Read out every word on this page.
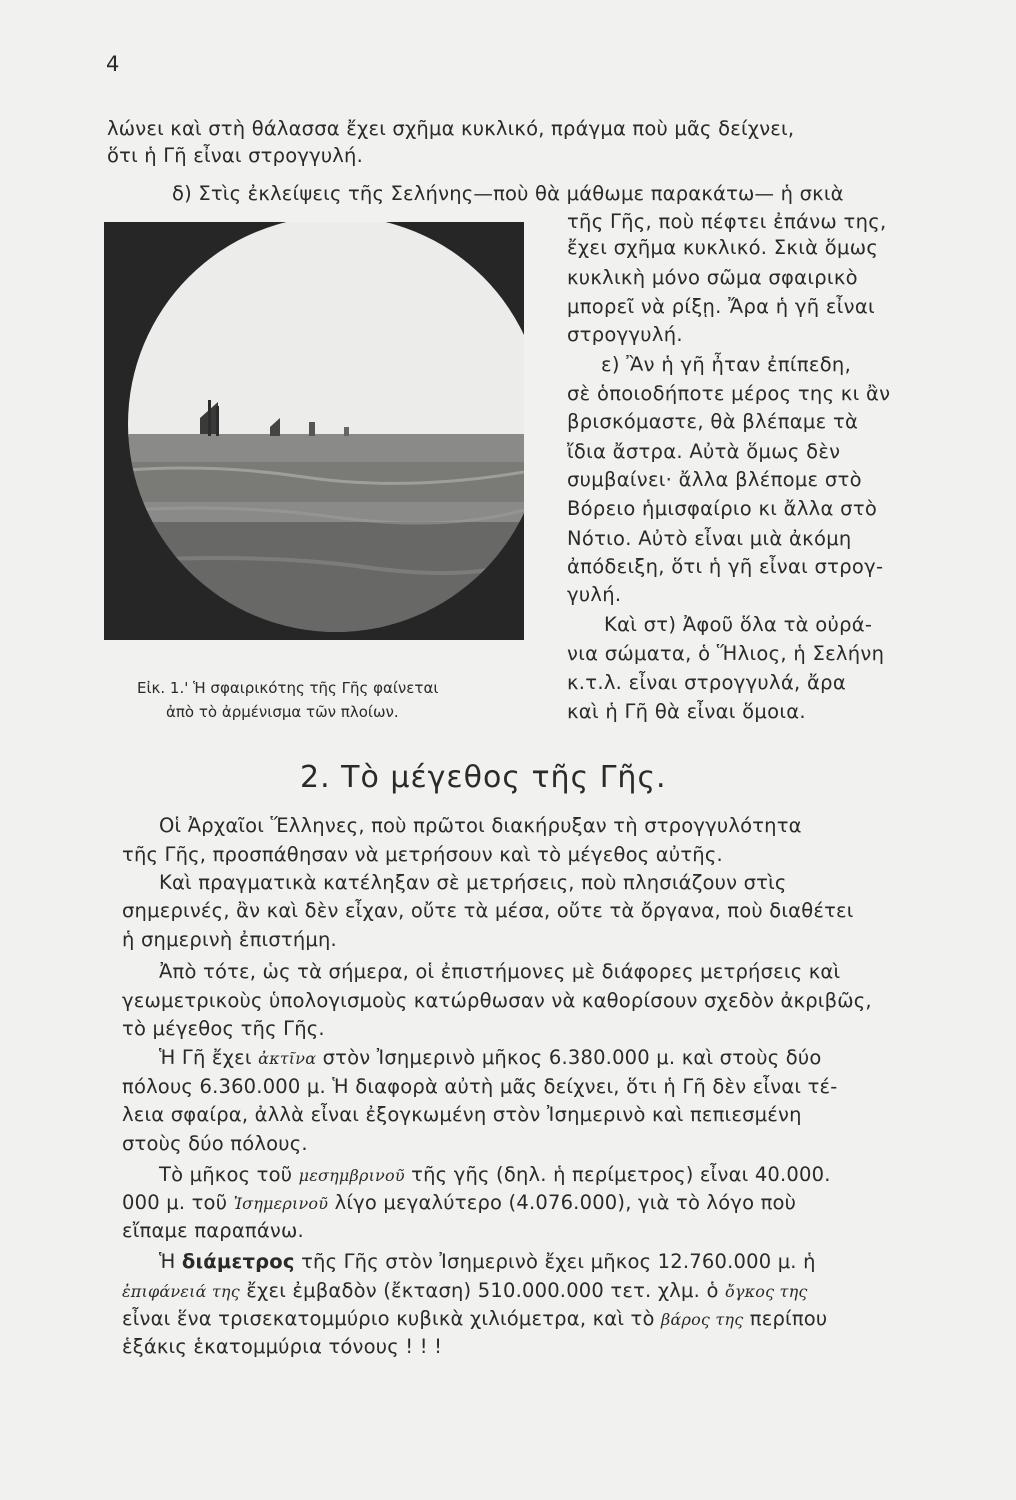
4
λώνει καὶ στὴ θάλασσα ἔχει σχῆμα κυκλικό, πράγμα ποὺ μᾶς δείχνει,
ὅτι ἡ Γῆ εἶναι στρογγυλή.
δ) Στὶς ἐκλείψεις τῆς Σελήνης—ποὺ θὰ μάθωμε παρακάτω— ἡ σκιὰ
τῆς Γῆς, ποὺ πέφτει ἐπάνω της,
ἔχει σχῆμα κυκλικό. Σκιὰ ὅμως
κυκλικὴ μόνο σῶμα σφαιρικὸ
μπορεῖ νὰ ρίξῃ. Ἄρα ἡ γῆ εἶναι
στρογγυλή.
ε) Ἂν ἡ γῆ ἦταν ἐπίπεδη,
σὲ ὁποιοδήποτε μέρος της κι ἂν
βρισκόμαστε, θὰ βλέπαμε τὰ
ἴδια ἄστρα. Αὐτὰ ὅμως δὲν
συμβαίνει· ἄλλα βλέπομε στὸ
Βόρειο ἡμισφαίριο κι ἄλλα στὸ
Νότιο. Αὐτὸ εἶναι μιὰ ἀκόμη
ἀπόδειξη, ὅτι ἡ γῆ εἶναι στρογ-
γυλή.
Καὶ στ) Ἀφοῦ ὅλα τὰ οὐρά-
νια σώματα, ὁ Ἥλιος, ἡ Σελήνη
κ.τ.λ. εἶναι στρογγυλά, ἄρα
καὶ ἡ Γῆ θὰ εἶναι ὅμοια.
Εἰκ. 1.' Ἡ σφαιρικότης τῆς Γῆς φαίνεται
ἀπὸ τὸ ἀρμένισμα τῶν πλοίων.
2. Τὸ μέγεθος τῆς Γῆς.
Οἱ Ἀρχαῖοι Ἕλληνες, ποὺ πρῶτοι διακήρυξαν τὴ στρογγυλότητα
τῆς Γῆς, προσπάθησαν νὰ μετρήσουν καὶ τὸ μέγεθος αὐτῆς.
Καὶ πραγματικὰ κατέληξαν σὲ μετρήσεις, ποὺ πλησιάζουν στὶς
σημερινές, ἂν καὶ δὲν εἶχαν, οὔτε τὰ μέσα, οὔτε τὰ ὄργανα, ποὺ διαθέτει
ἡ σημερινὴ ἐπιστήμη.
Ἀπὸ τότε, ὡς τὰ σήμερα, οἱ ἐπιστήμονες μὲ διάφορες μετρήσεις καὶ
γεωμετρικοὺς ὑπολογισμοὺς κατώρθωσαν νὰ καθορίσουν σχεδὸν ἀκριβῶς,
τὸ μέγεθος τῆς Γῆς.
Ἡ Γῆ ἔχει ἀκτῖνα στὸν Ἰσημερινὸ μῆκος 6.380.000 μ. καὶ στοὺς δύο
πόλους 6.360.000 μ. Ἡ διαφορὰ αὐτὴ μᾶς δείχνει, ὅτι ἡ Γῆ δὲν εἶναι τέ-
λεια σφαίρα, ἀλλὰ εἶναι ἐξογκωμένη στὸν Ἰσημερινὸ καὶ πεπιεσμένη
στοὺς δύο πόλους.
Τὸ μῆκος τοῦ μεσημβρινοῦ τῆς γῆς (δηλ. ἡ περίμετρος) εἶναι 40.000.
000 μ. τοῦ Ἰσημερινοῦ λίγο μεγαλύτερο (4.076.000), γιὰ τὸ λόγο ποὺ
εἴπαμε παραπάνω.
Ἡ διάμετρος τῆς Γῆς στὸν Ἰσημερινὸ ἔχει μῆκος 12.760.000 μ. ἡ
ἐπιφάνειά της ἔχει ἐμβαδὸν (ἔκταση) 510.000.000 τετ. χλμ. ὁ ὄγκος της
εἶναι ἕνα τρισεκατομμύριο κυβικὰ χιλιόμετρα, καὶ τὸ βάρος της περίπου
ἑξάκις ἑκατομμύρια τόνους ! ! !
